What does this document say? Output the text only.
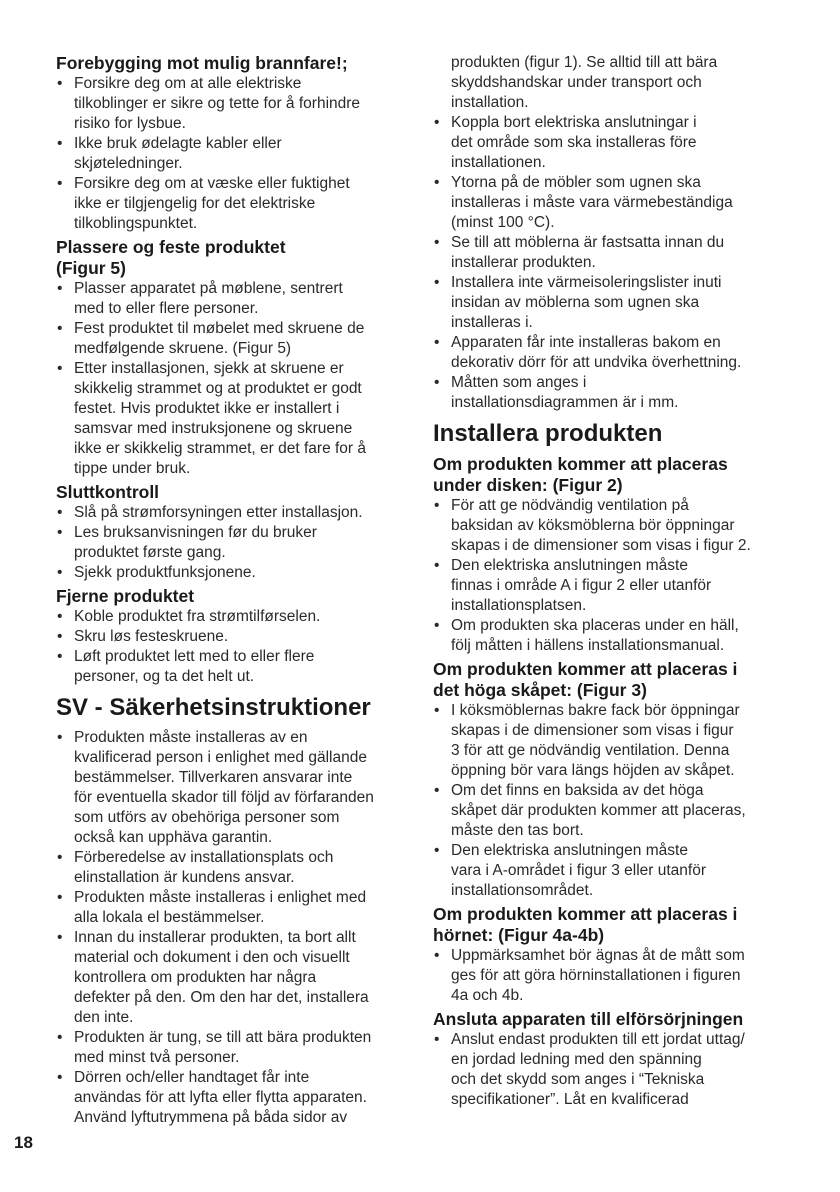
Forebygging mot mulig brannfare!;
• Forsikre deg om at alle elektriske
tilkoblinger er sikre og tette for å forhindre
risiko for lysbue.
• Ikke bruk ødelagte kabler eller
skjøteledninger.
• Forsikre deg om at væske eller fuktighet
ikke er tilgjengelig for det elektriske
tilkoblingspunktet.
Plassere og feste produktet
(Figur 5)
• Plasser apparatet på møblene, sentrert
med to eller flere personer.
• Fest produktet til møbelet med skruene de
medfølgende skruene. (Figur 5)
• Etter installasjonen, sjekk at skruene er
skikkelig strammet og at produktet er godt
festet. Hvis produktet ikke er installert i
samsvar med instruksjonene og skruene
ikke er skikkelig strammet, er det fare for å
tippe under bruk.
Sluttkontroll
• Slå på strømforsyningen etter installasjon.
• Les bruksanvisningen før du bruker
produktet første gang.
• Sjekk produktfunksjonene.
Fjerne produktet
• Koble produktet fra strømtilførselen.
• Skru løs festeskruene.
• Løft produktet lett med to eller flere
personer, og ta det helt ut.
SV - Säkerhetsinstruktioner
• Produkten måste installeras av en
kvalificerad person i enlighet med gällande
bestämmelser. Tillverkaren ansvarar inte
för eventuella skador till följd av förfaranden
som utförs av obehöriga personer som
också kan upphäva garantin.
• Förberedelse av installationsplats och
elinstallation är kundens ansvar.
• Produkten måste installeras i enlighet med
alla lokala el bestämmelser.
• Innan du installerar produkten, ta bort allt
material och dokument i den och visuellt
kontrollera om produkten har några
defekter på den. Om den har det, installera
den inte.
• Produkten är tung, se till att bära produkten
med minst två personer.
• Dörren och/eller handtaget får inte
användas för att lyfta eller flytta apparaten.
Använd lyftutrymmena på båda sidor av
produkten (figur 1). Se alltid till att bära
skyddshandskar under transport och
installation.
• Koppla bort elektriska anslutningar i
det område som ska installeras före
installationen.
• Ytorna på de möbler som ugnen ska
installeras i måste vara värmebeständiga
(minst 100 °C).
• Se till att möblerna är fastsatta innan du
installerar produkten.
• Installera inte värmeisoleringslister inuti
insidan av möblerna som ugnen ska
installeras i.
• Apparaten får inte installeras bakom en
dekorativ dörr för att undvika överhettning.
• Måtten som anges i
installationsdiagrammen är i mm.
Installera produkten
Om produkten kommer att placeras
under disken: (Figur 2)
• För att ge nödvändig ventilation på
baksidan av köksmöblerna bör öppningar
skapas i de dimensioner som visas i figur 2.
• Den elektriska anslutningen måste
finnas i område A i figur 2 eller utanför
installationsplatsen.
• Om produkten ska placeras under en häll,
följ måtten i hällens installationsmanual.
Om produkten kommer att placeras i
det höga skåpet: (Figur 3)
• I köksmöblernas bakre fack bör öppningar
skapas i de dimensioner som visas i figur
3 för att ge nödvändig ventilation. Denna
öppning bör vara längs höjden av skåpet.
• Om det finns en baksida av det höga
skåpet där produkten kommer att placeras,
måste den tas bort.
• Den elektriska anslutningen måste
vara i A-området i figur 3 eller utanför
installationsområdet.
Om produkten kommer att placeras i
hörnet: (Figur 4a-4b)
• Uppmärksamhet bör ägnas åt de mått som
ges för att göra hörninstallationen i figuren
4a och 4b.
Ansluta apparaten till elförsörjningen
• Anslut endast produkten till ett jordat uttag/
en jordad ledning med den spänning
och det skydd som anges i “Tekniska
specifikationer”. Låt en kvalificerad
18
